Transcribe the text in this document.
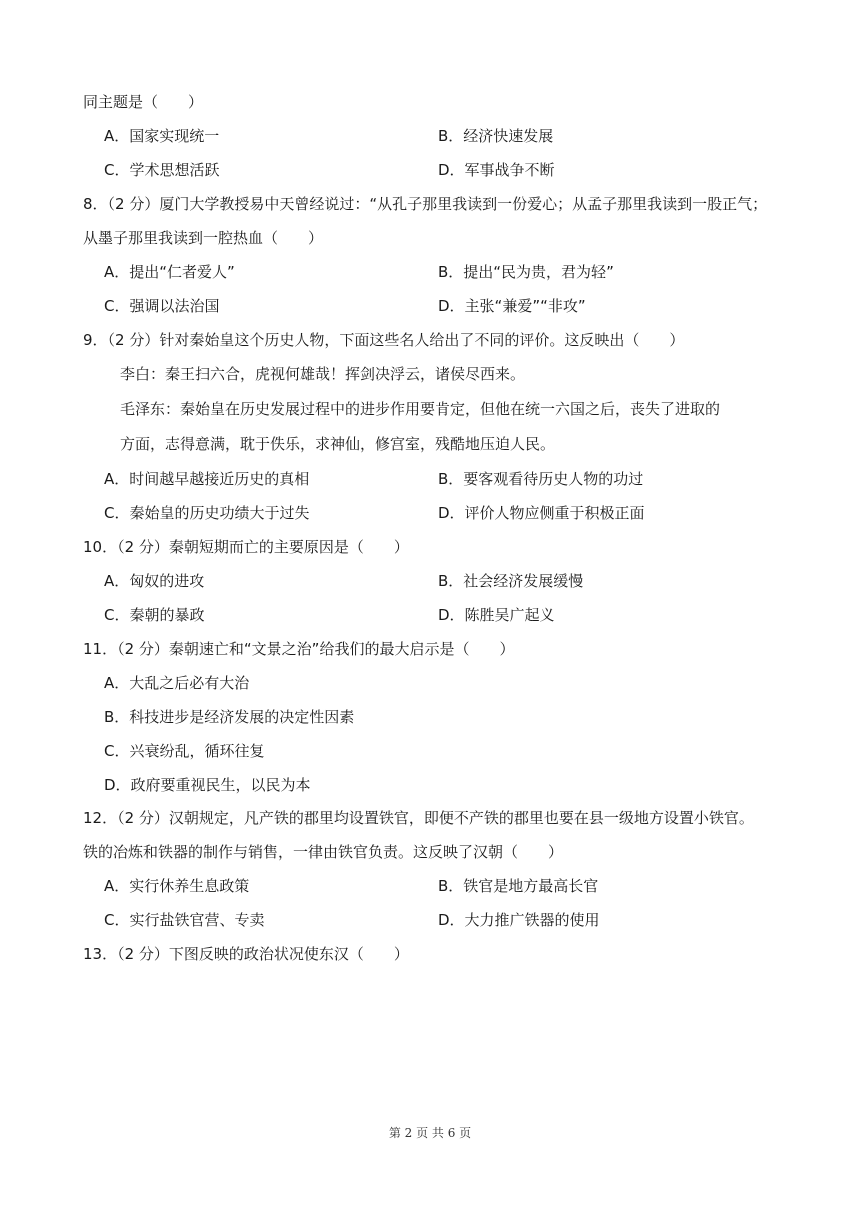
同主题是（　　）
A．国家实现统一	B．经济快速发展
C．学术思想活跃	D．军事战争不断
8．（2 分）厦门大学教授易中天曾经说过：“从孔子那里我读到一份爱心；从孟子那里我读到一股正气；
从墨子那里我读到一腔热血（　　）
A．提出“仁者爱人”	B．提出“民为贵，君为轻”
C．强调以法治国	D．主张“兼爱”“非攻”
9．（2 分）针对秦始皇这个历史人物，下面这些名人给出了不同的评价。这反映出（　　）
李白：秦王扫六合，虎视何雄哉！挥剑决浮云，诸侯尽西来。
毛泽东：秦始皇在历史发展过程中的进步作用要肯定，但他在统一六国之后，丧失了进取的
方面，志得意满，耽于佚乐，求神仙，修宫室，残酷地压迫人民。
A．时间越早越接近历史的真相	B．要客观看待历史人物的功过
C．秦始皇的历史功绩大于过失	D．评价人物应侧重于积极正面
10．（2 分）秦朝短期而亡的主要原因是（　　）
A．匈奴的进攻	B．社会经济发展缓慢
C．秦朝的暴政	D．陈胜吴广起义
11．（2 分）秦朝速亡和“文景之治”给我们的最大启示是（　　）
A．大乱之后必有大治
B．科技进步是经济发展的决定性因素
C．兴衰纷乱，循环往复
D．政府要重视民生，以民为本
12．（2 分）汉朝规定，凡产铁的郡里均设置铁官，即便不产铁的郡里也要在县一级地方设置小铁官。
铁的冶炼和铁器的制作与销售，一律由铁官负责。这反映了汉朝（　　）
A．实行休养生息政策	B．铁官是地方最高长官
C．实行盐铁官营、专卖	D．大力推广铁器的使用
13．（2 分）下图反映的政治状况使东汉（　　）
第 2 页 共 6 页
